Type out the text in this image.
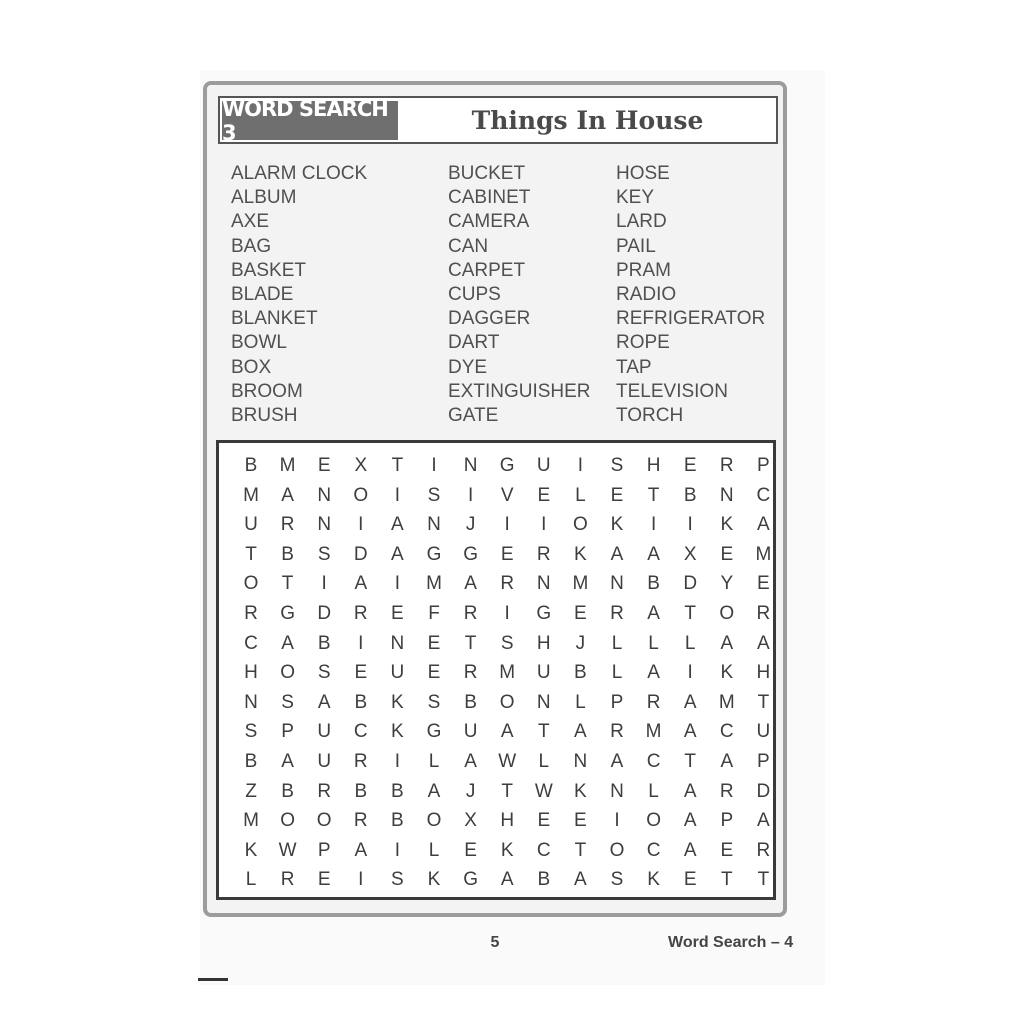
WORD SEARCH 3	Things In House
ALARM CLOCK
ALBUM
AXE
BAG
BASKET
BLADE
BLANKET
BOWL
BOX
BROOM
BRUSH
BUCKET
CABINET
CAMERA
CAN
CARPET
CUPS
DAGGER
DART
DYE
EXTINGUISHER
GATE
HOSE
KEY
LARD
PAIL
PRAM
RADIO
REFRIGERATOR
ROPE
TAP
TELEVISION
TORCH
B	M	E	X	T	I	N	G	U	I	S	H	E	R	P
M	A	N	O	I	S	I	V	E	L	E	T	B	N	C
U	R	N	I	A	N	J	I	I	O	K	I	I	K	A
T	B	S	D	A	G	G	E	R	K	A	A	X	E	M
O	T	I	A	I	M	A	R	N	M	N	B	D	Y	E
R	G	D	R	E	F	R	I	G	E	R	A	T	O	R
C	A	B	I	N	E	T	S	H	J	L	L	L	A	A
H	O	S	E	U	E	R	M	U	B	L	A	I	K	H
N	S	A	B	K	S	B	O	N	L	P	R	A	M	T
S	P	U	C	K	G	U	A	T	A	R	M	A	C	U
B	A	U	R	I	L	A	W	L	N	A	C	T	A	P
Z	B	R	B	B	A	J	T	W	K	N	L	A	R	D
M	O	O	R	B	O	X	H	E	E	I	O	A	P	A
K	W	P	A	I	L	E	K	C	T	O	C	A	E	R
L	R	E	I	S	K	G	A	B	A	S	K	E	T	T
5	Word Search – 4
